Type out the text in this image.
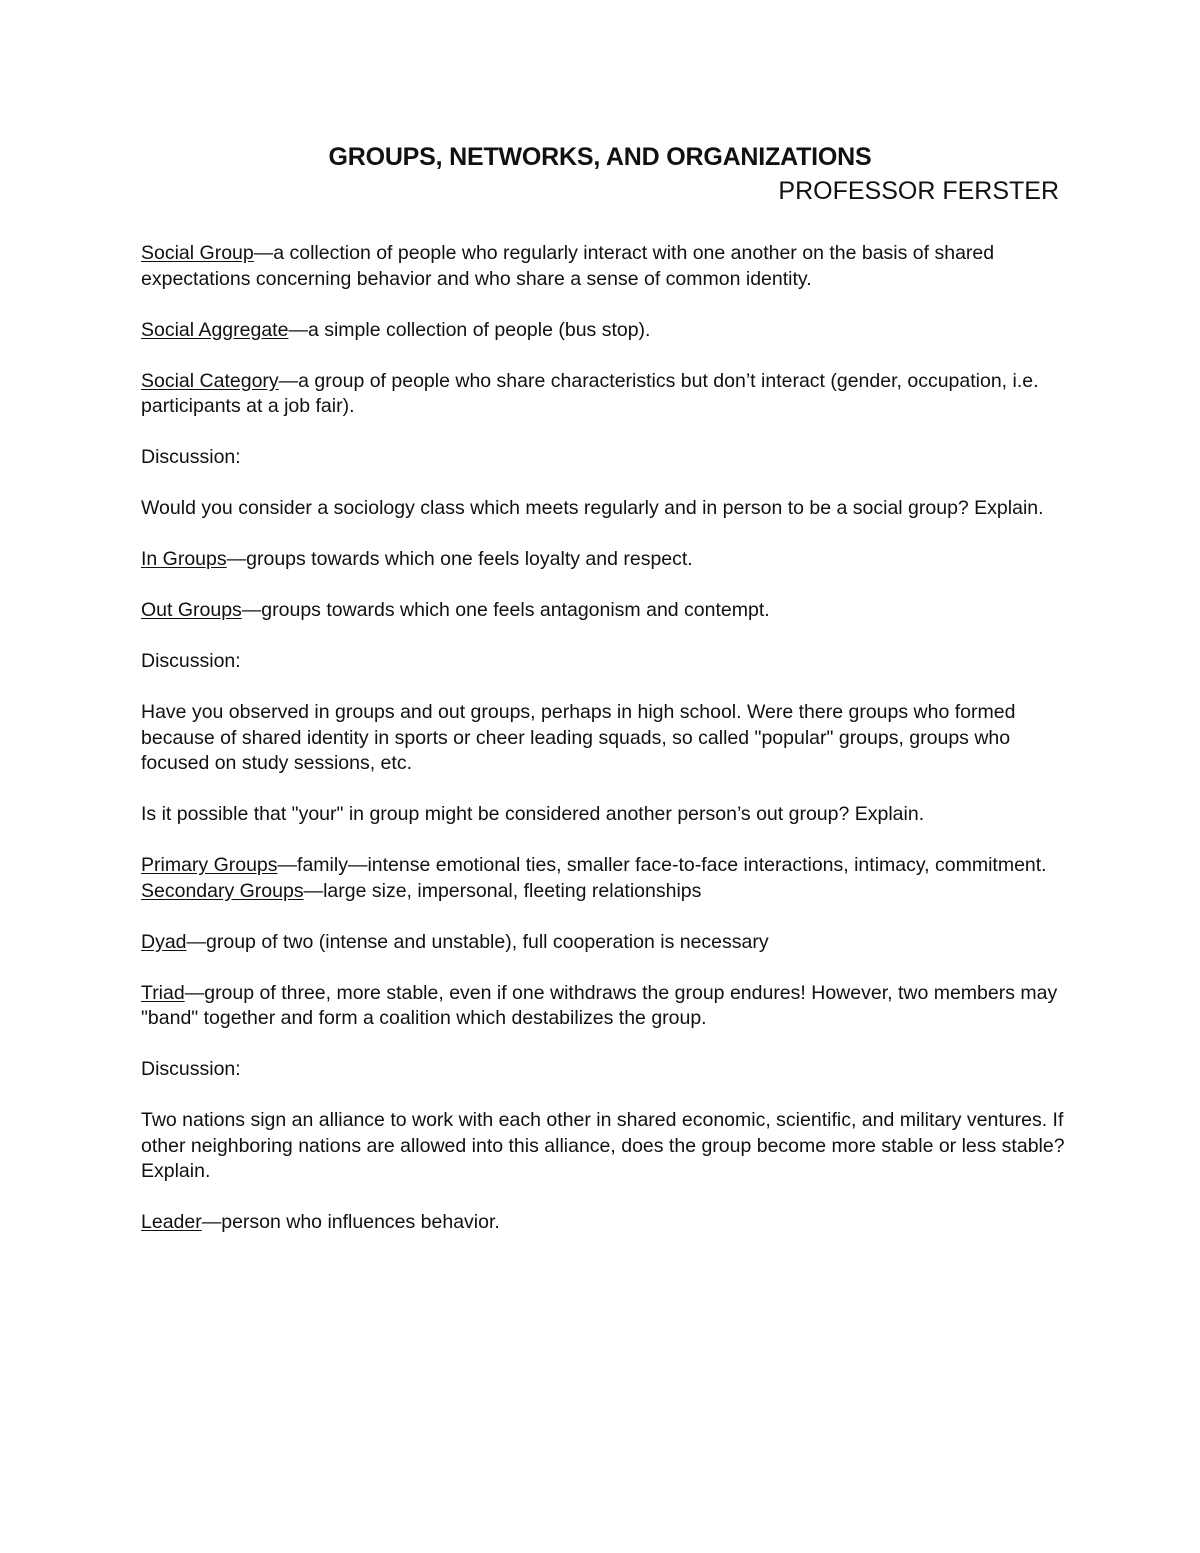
GROUPS, NETWORKS, AND ORGANIZATIONS

PROFESSOR FERSTER

Social Group—a collection of people who regularly interact with one another on the basis of shared expectations concerning behavior and who share a sense of common identity.

Social Aggregate—a simple collection of people (bus stop).

Social Category—a group of people who share characteristics but don’t interact (gender, occupation, i.e. participants at a job fair).

Discussion:

Would you consider a sociology class which meets regularly and in person to be a social group? Explain.

In Groups—groups towards which one feels loyalty and respect.

Out Groups—groups towards which one feels antagonism and contempt.

Discussion:

Have you observed in groups and out groups, perhaps in high school. Were there groups who formed because of shared identity in sports or cheer leading squads, so called "popular" groups, groups who focused on study sessions, etc.

Is it possible that "your" in group might be considered another person’s out group? Explain.

Primary Groups—family—intense emotional ties, smaller face-to-face interactions, intimacy, commitment.

Secondary Groups—large size, impersonal, fleeting relationships

Dyad—group of two (intense and unstable), full cooperation is necessary

Triad—group of three, more stable, even if one withdraws the group endures! However, two members may "band" together and form a coalition which destabilizes the group.

Discussion:

Two nations sign an alliance to work with each other in shared economic, scientific, and military ventures. If other neighboring nations are allowed into this alliance, does the group become more stable or less stable? Explain.

Leader—person who influences behavior.
